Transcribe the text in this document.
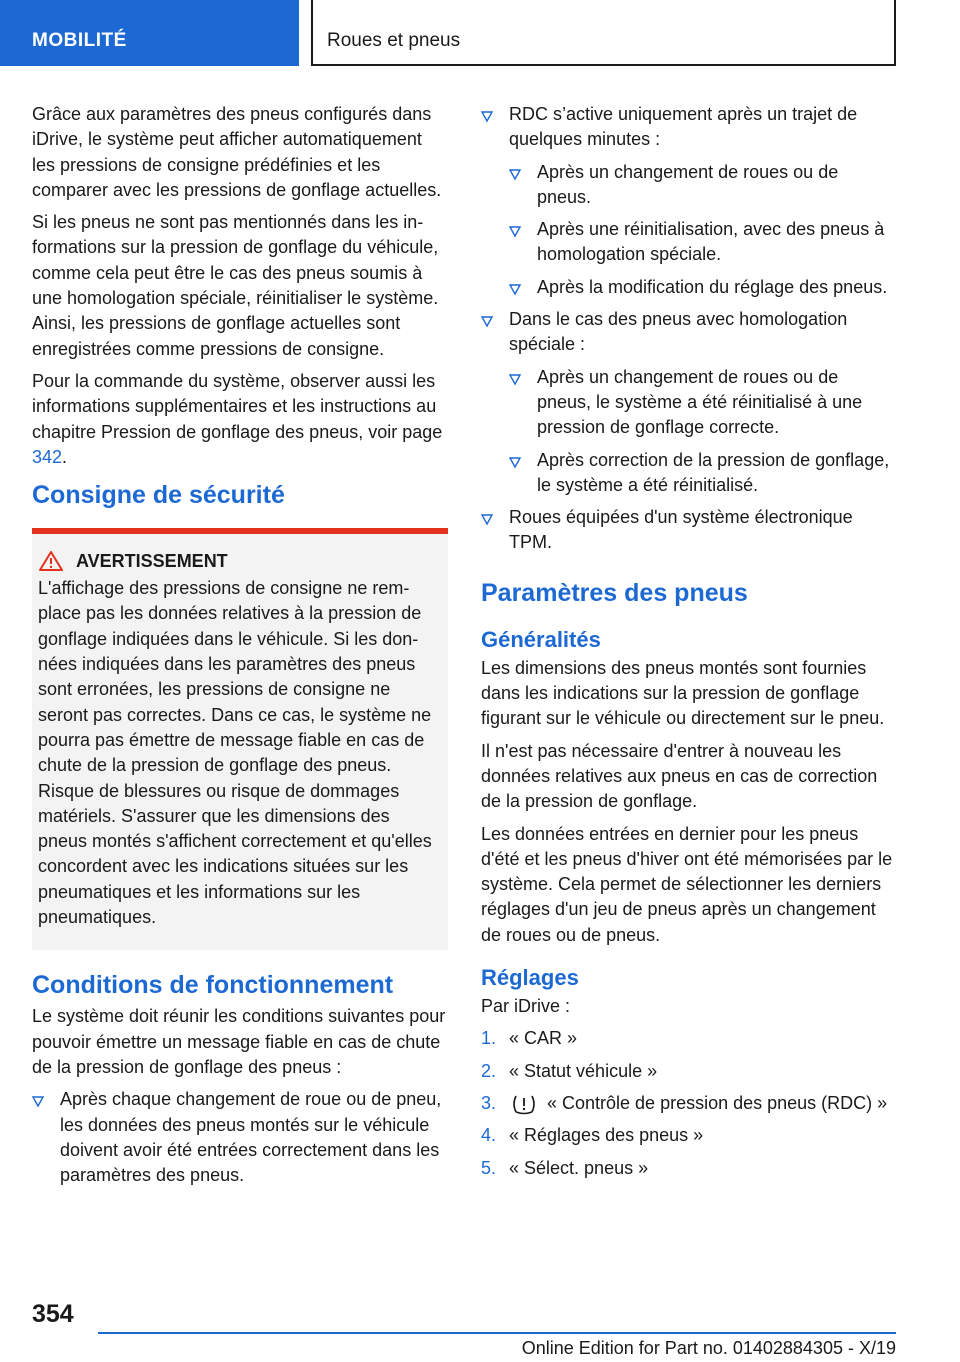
MOBILITÉ	Roues et pneus

Grâce aux paramètres des pneus configurés dans iDrive, le système peut afficher automatiquement les pressions de consigne prédéfinies et les comparer avec les pressions de gonflage actuelles.

Si les pneus ne sont pas mentionnés dans les informations sur la pression de gonflage du véhicule, comme cela peut être le cas des pneus soumis à une homologation spéciale, réinitialiser le système. Ainsi, les pressions de gonflage actuelles sont enregistrées comme pressions de consigne.

Pour la commande du système, observer aussi les informations supplémentaires et les instructions au chapitre Pression de gonflage des pneus, voir page 342.

Consigne de sécurité
AVERTISSEMENT
L'affichage des pressions de consigne ne remplace pas les données relatives à la pression de gonflage indiquées dans le véhicule. Si les données indiquées dans les paramètres des pneus sont erronées, les pressions de consigne ne seront pas correctes. Dans ce cas, le système ne pourra pas émettre de message fiable en cas de chute de la pression de gonflage des pneus. Risque de blessures ou risque de dommages matériels. S'assurer que les dimensions des pneus montés s'affichent correctement et qu'elles concordent avec les indications situées sur les pneumatiques et les informations sur les pneumatiques.
Conditions de fonctionnement

Le système doit réunir les conditions suivantes pour pouvoir émettre un message fiable en cas de chute de la pression de gonflage des pneus :

Après chaque changement de roue ou de pneu, les données des pneus montés sur le véhicule doivent avoir été entrées correctement dans les paramètres des pneus.
RDC s’active uniquement après un trajet de quelques minutes :
Après un changement de roues ou de pneus.
Après une réinitialisation, avec des pneus à homologation spéciale.
Après la modification du réglage des pneus.
Dans le cas des pneus avec homologation spéciale :
Après un changement de roues ou de pneus, le système a été réinitialisé à une pression de gonflage correcte.
Après correction de la pression de gonflage, le système a été réinitialisé.
Roues équipées d'un système électronique TPM.
Paramètres des pneus
Généralités

Les dimensions des pneus montés sont fournies dans les indications sur la pression de gonflage figurant sur le véhicule ou directement sur le pneu.

Il n'est pas nécessaire d'entrer à nouveau les données relatives aux pneus en cas de correction de la pression de gonflage.

Les données entrées en dernier pour les pneus d'été et les pneus d'hiver ont été mémorisées par le système. Cela permet de sélectionner les derniers réglages d'un jeu de pneus après un changement de roues ou de pneus.

Réglages

Par iDrive :

1. « CAR »
2. « Statut véhicule »
3.	« Contrôle de pression des pneus (RDC) »
4. « Réglages des pneus »
5. « Sélect. pneus »
354
Online Edition for Part no. 01402884305 - X/19
